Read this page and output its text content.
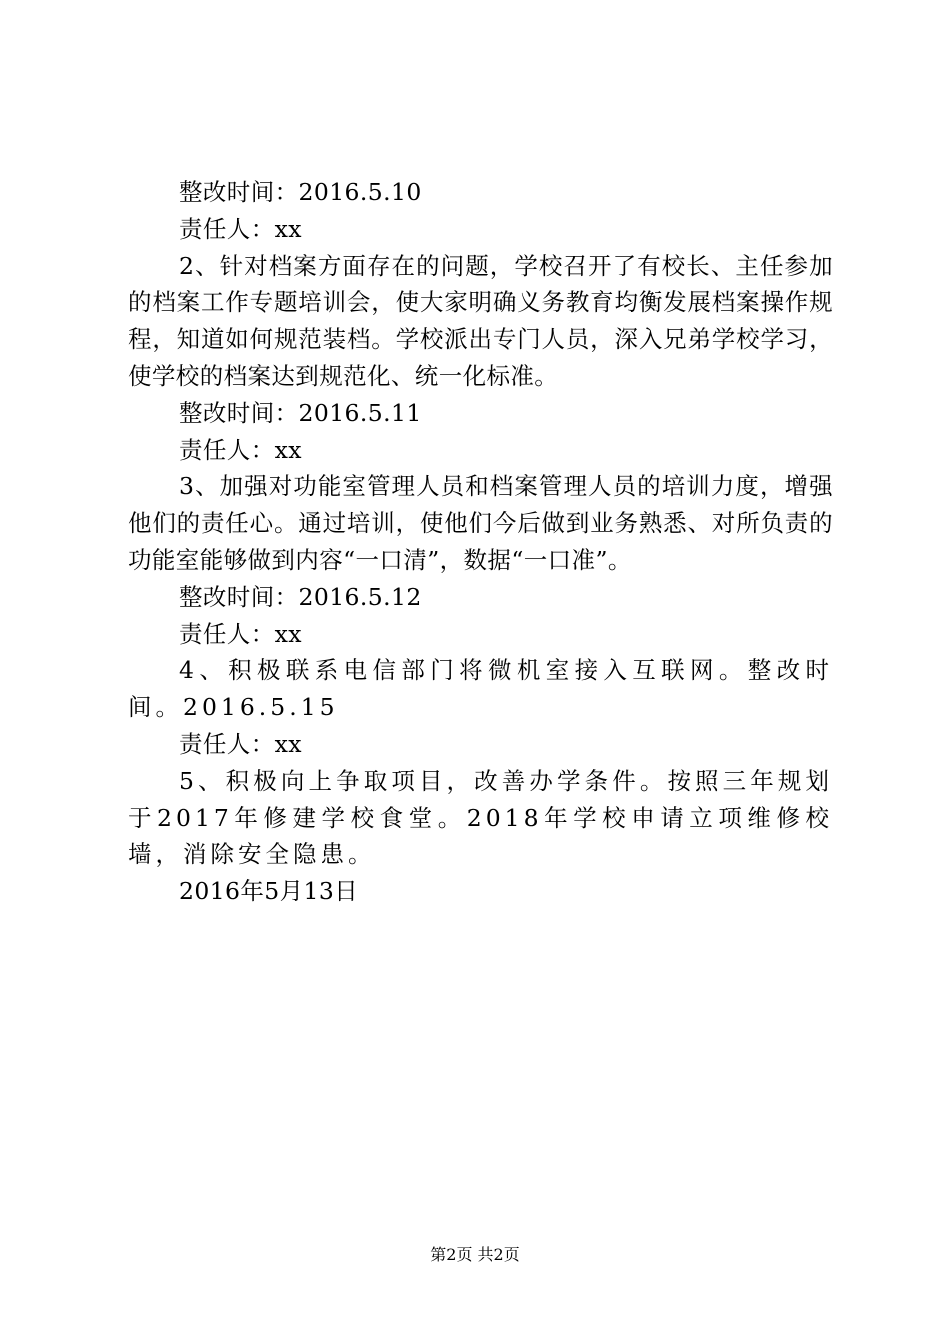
整改时间：2016.5.10
责任人：xx
2、针对档案方面存在的问题，学校召开了有校长、主任参加的档案工作专题培训会，使大家明确义务教育均衡发展档案操作规程，知道如何规范装档。学校派出专门人员，深入兄弟学校学习，使学校的档案达到规范化、统一化标准。
整改时间：2016.5.11
责任人：xx
3、加强对功能室管理人员和档案管理人员的培训力度，增强他们的责任心。通过培训，使他们今后做到业务熟悉、对所负责的功能室能够做到内容“一口清”，数据“一口准”。
整改时间：2016.5.12
责任人：xx
4、积极联系电信部门将微机室接入互联网。整改时间。2016.5.15
责任人：xx
5、积极向上争取项目，改善办学条件。按照三年规划于2017年修建学校食堂。2018年学校申请立项维修校墙，消除安全隐患。
2016年5月13日
第2页 共2页
